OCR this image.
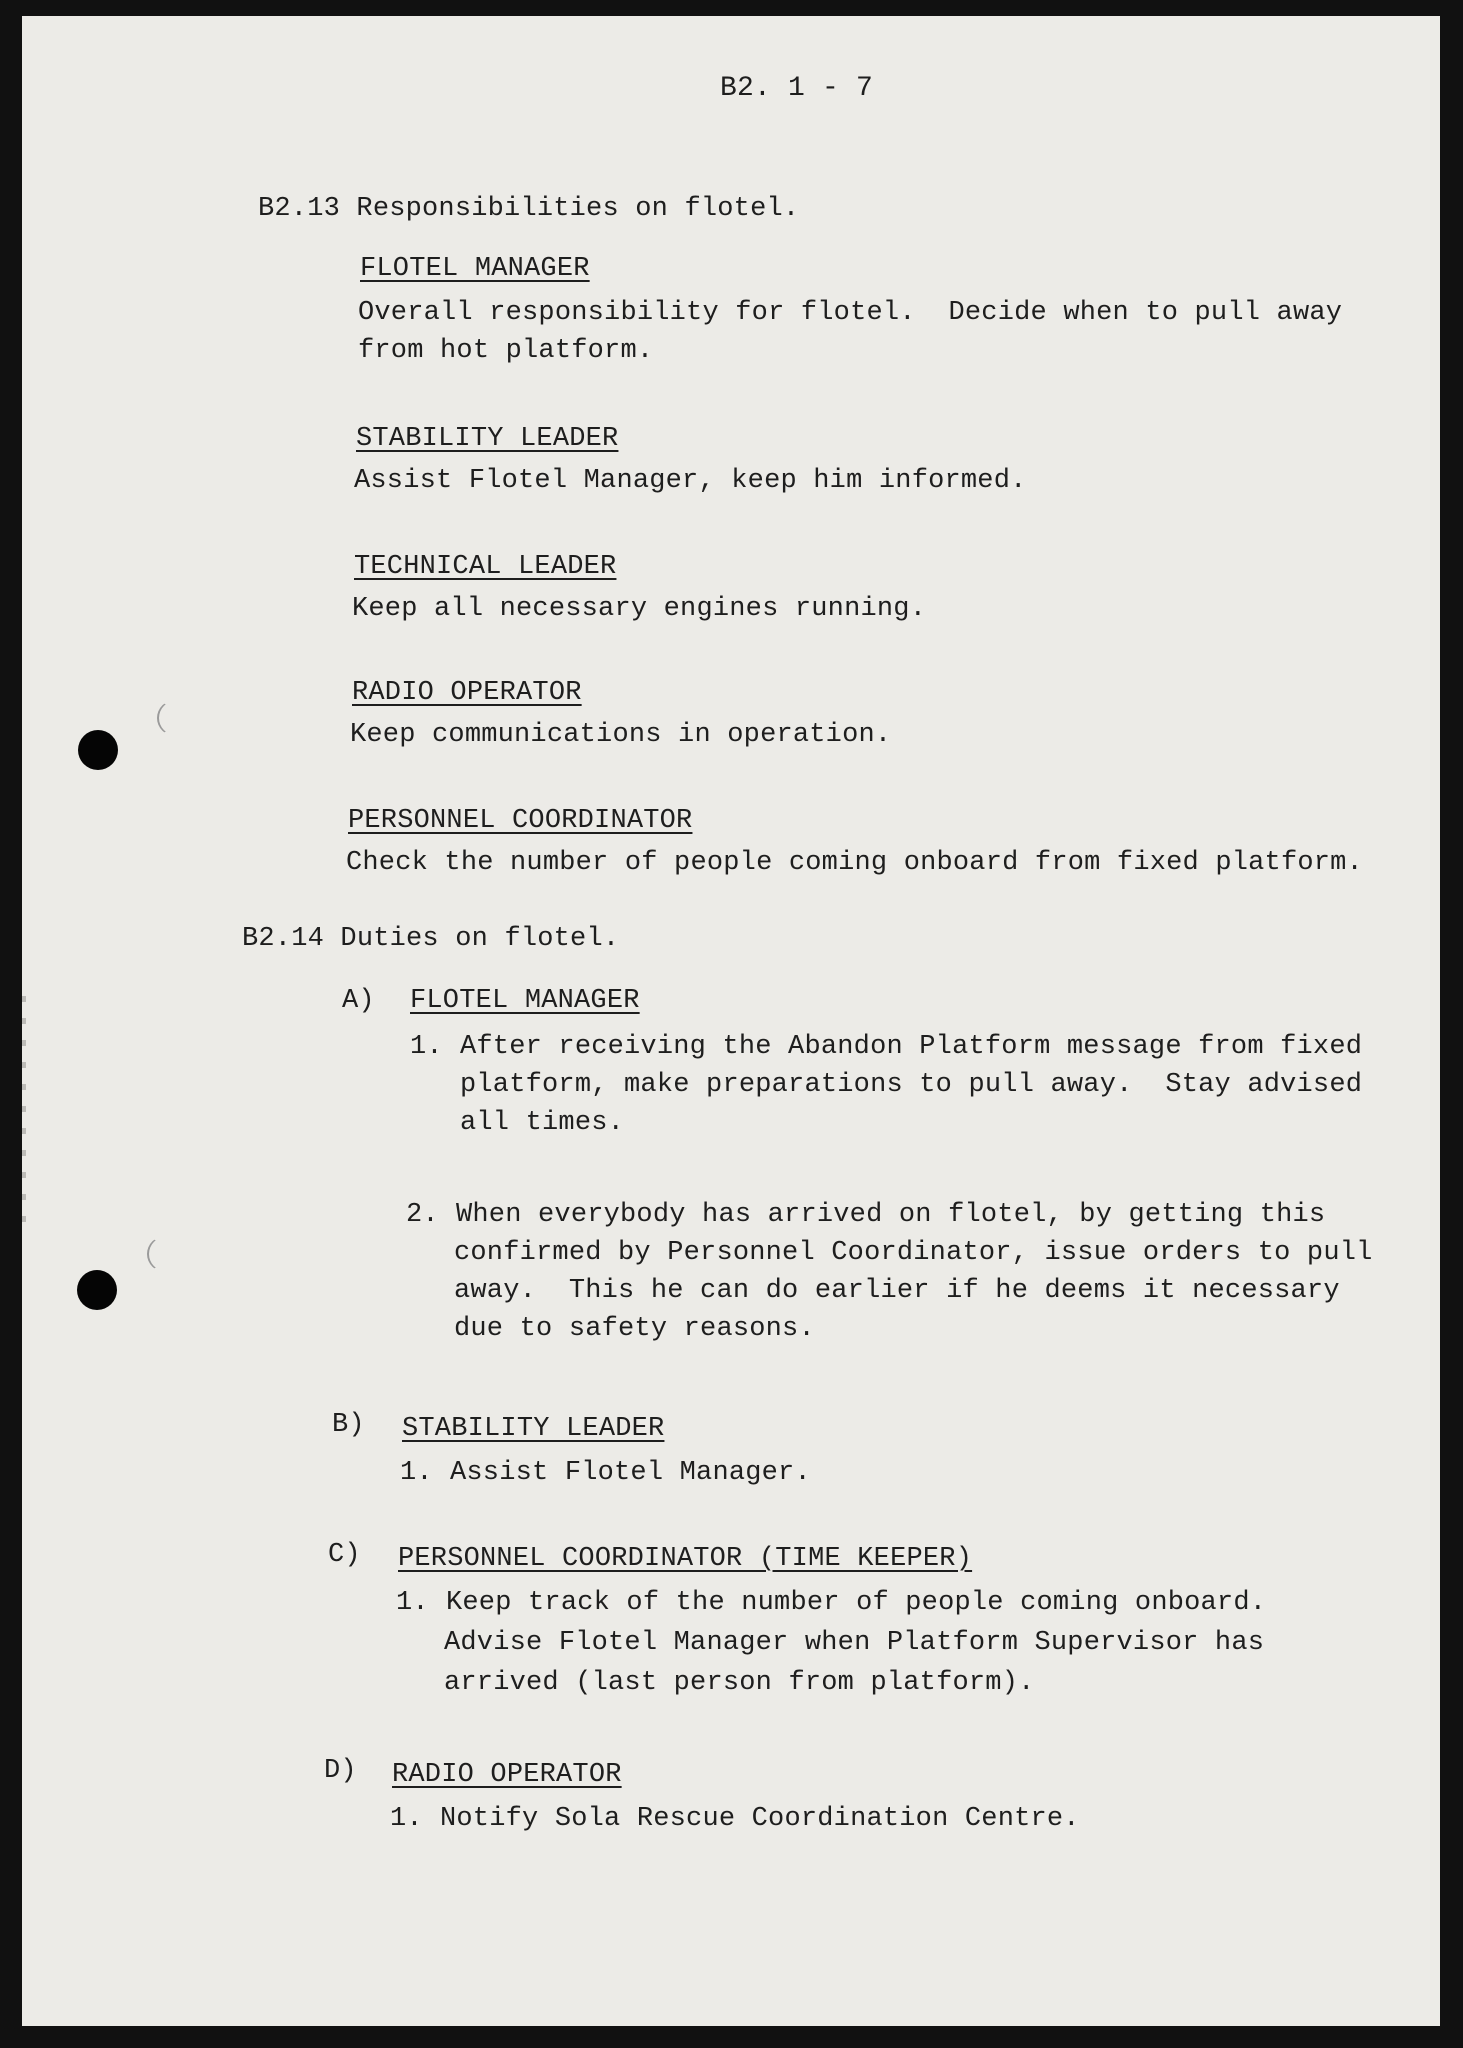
B2. 1 - 7
B2.13 Responsibilities on flotel.
FLOTEL MANAGER
Overall responsibility for flotel.  Decide when to pull away
from hot platform.
STABILITY LEADER
Assist Flotel Manager, keep him informed.
TECHNICAL LEADER
Keep all necessary engines running.
RADIO OPERATOR
Keep communications in operation.
PERSONNEL COORDINATOR
Check the number of people coming onboard from fixed platform.
B2.14 Duties on flotel.
A) FLOTEL MANAGER
1. After receiving the Abandon Platform message from fixed
platform, make preparations to pull away.  Stay advised
all times.
2. When everybody has arrived on flotel, by getting this
confirmed by Personnel Coordinator, issue orders to pull
away.  This he can do earlier if he deems it necessary
due to safety reasons.
B) STABILITY LEADER
1. Assist Flotel Manager.
C) PERSONNEL COORDINATOR (TIME KEEPER)
1. Keep track of the number of people coming onboard.
Advise Flotel Manager when Platform Supervisor has
arrived (last person from platform).
D) RADIO OPERATOR
1. Notify Sola Rescue Coordination Centre.
